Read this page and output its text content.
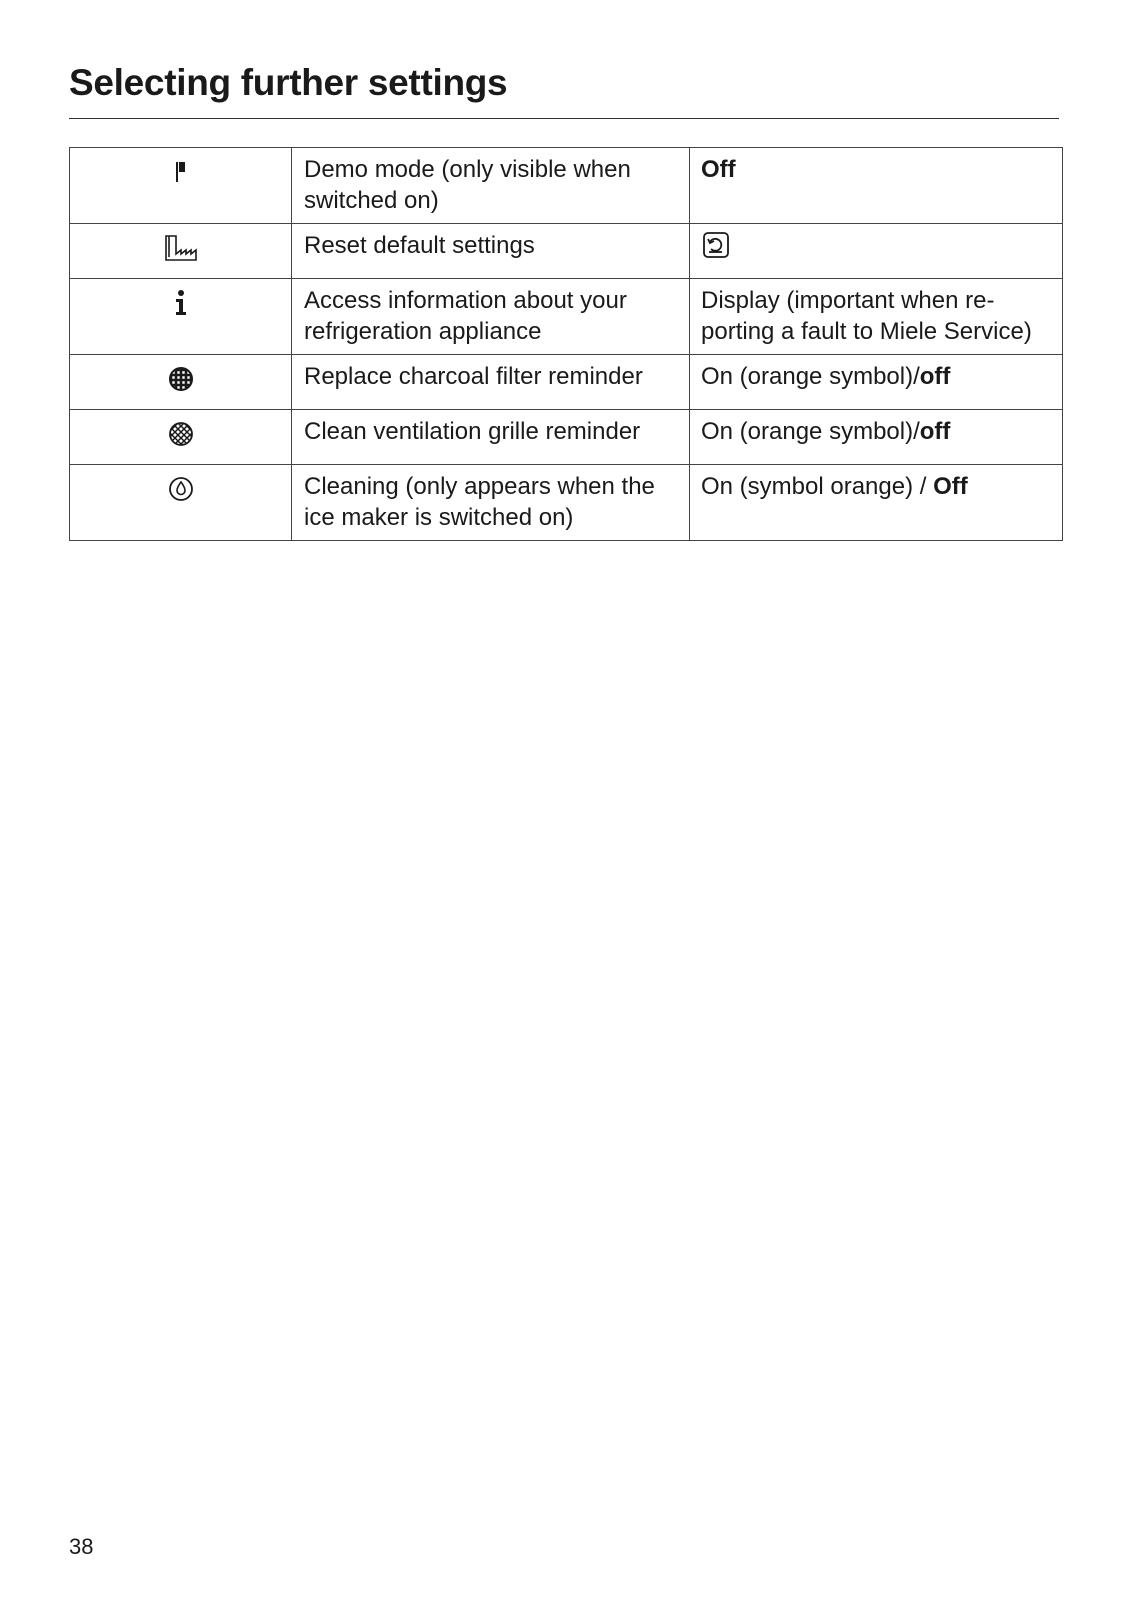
Selecting further settings
	Demo mode (only visible when switched on)	Off

	Reset default settings	

	Access information about your refrigeration appliance	Display (important when reporting a fault to Miele Service)

	Replace charcoal filter reminder	On (orange symbol)/off

	Clean ventilation grille reminder	On (orange symbol)/off

	Cleaning (only appears when the ice maker is switched on)	On (symbol orange) / Off
38
